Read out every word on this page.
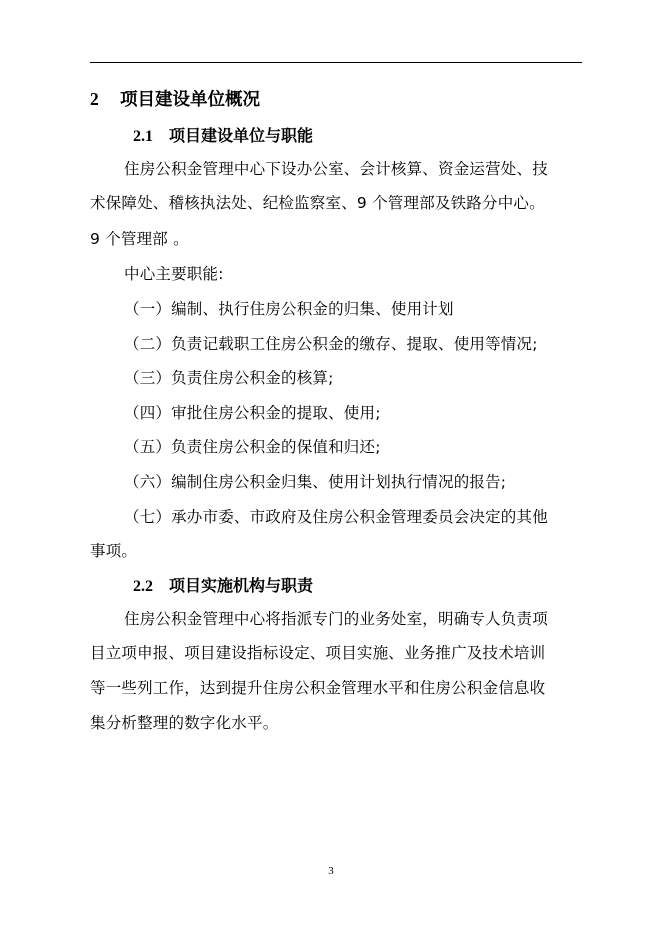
2 项目建设单位概况
2.1 项目建设单位与职能
住房公积金管理中心下设办公室、会计核算、资金运营处、技
术保障处、稽核执法处、纪检监察室、9 个管理部及铁路分中心。
9 个管理部 。
中心主要职能:
（一）编制、执行住房公积金的归集、使用计划
（二）负责记载职工住房公积金的缴存、提取、使用等情况;
（三）负责住房公积金的核算;
（四）审批住房公积金的提取、使用;
（五）负责住房公积金的保值和归还;
（六）编制住房公积金归集、使用计划执行情况的报告;
（七）承办市委、市政府及住房公积金管理委员会决定的其他
事项。
2.2 项目实施机构与职责
住房公积金管理中心将指派专门的业务处室，明确专人负责项
目立项申报、项目建设指标设定、项目实施、业务推广及技术培训
等一些列工作，达到提升住房公积金管理水平和住房公积金信息收
集分析整理的数字化水平。
3
